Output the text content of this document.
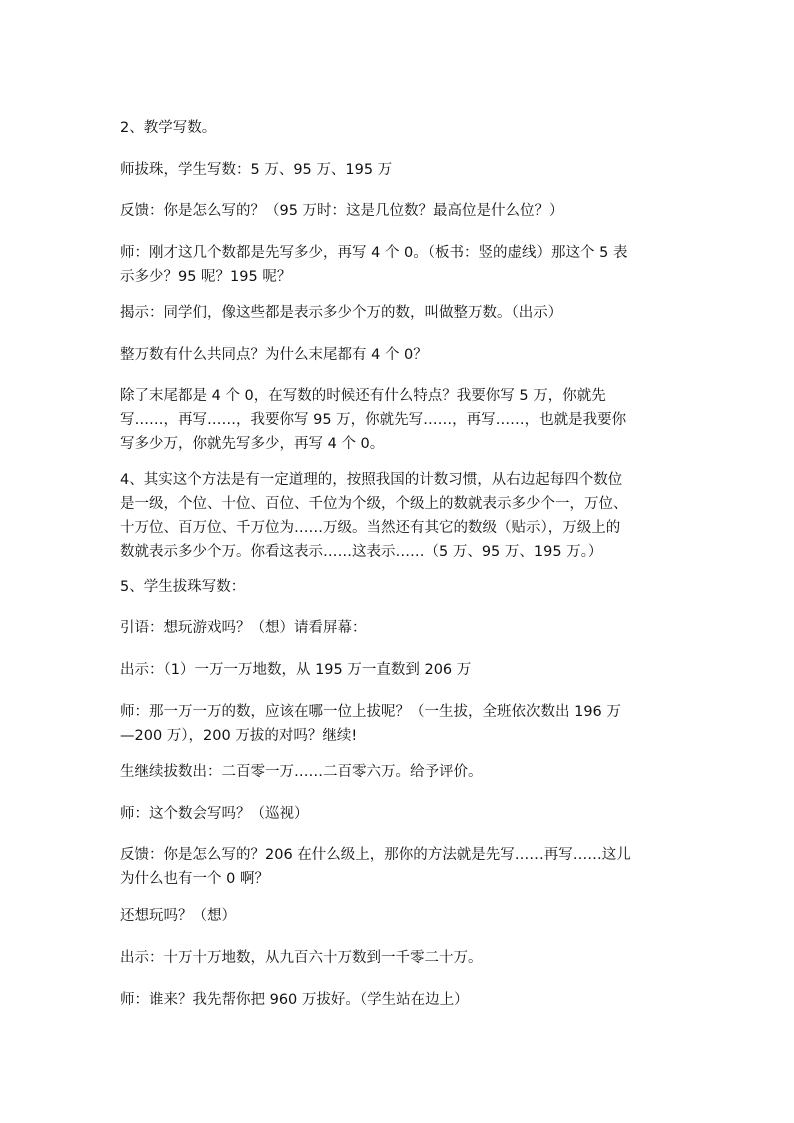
2、教学写数。

师拔珠，学生写数：5 万、95 万、195 万

反馈：你是怎么写的？（95 万时：这是几位数？最高位是什么位？）

师：刚才这几个数都是先写多少，再写 4 个 0。（板书：竖的虚线）那这个 5 表
示多少？95 呢？195 呢？

揭示：同学们，像这些都是表示多少个万的数，叫做整万数。（出示）

整万数有什么共同点？为什么末尾都有 4 个 0？

除了末尾都是 4 个 0，在写数的时候还有什么特点？我要你写 5 万，你就先
写……，再写……，我要你写 95 万，你就先写……，再写……，也就是我要你
写多少万，你就先写多少，再写 4 个 0。

4、其实这个方法是有一定道理的，按照我国的计数习惯，从右边起每四个数位
是一级，个位、十位、百位、千位为个级，个级上的数就表示多少个一，万位、
十万位、百万位、千万位为……万级。当然还有其它的数级（贴示），万级上的
数就表示多少个万。你看这表示……这表示……（5 万、95 万、195 万。）

5、学生拔珠写数：

引语：想玩游戏吗？（想）请看屏幕：

出示：（1）一万一万地数，从 195 万一直数到 206 万

师：那一万一万的数，应该在哪一位上拔呢？（一生拔，全班依次数出 196 万
—200 万），200 万拔的对吗？继续!

生继续拔数出：二百零一万……二百零六万。给予评价。

师：这个数会写吗？（巡视）

反馈：你是怎么写的？206 在什么级上，那你的方法就是先写……再写……这儿
为什么也有一个 0 啊？

还想玩吗？（想）

出示：十万十万地数，从九百六十万数到一千零二十万。

师：谁来？我先帮你把 960 万拔好。（学生站在边上）
